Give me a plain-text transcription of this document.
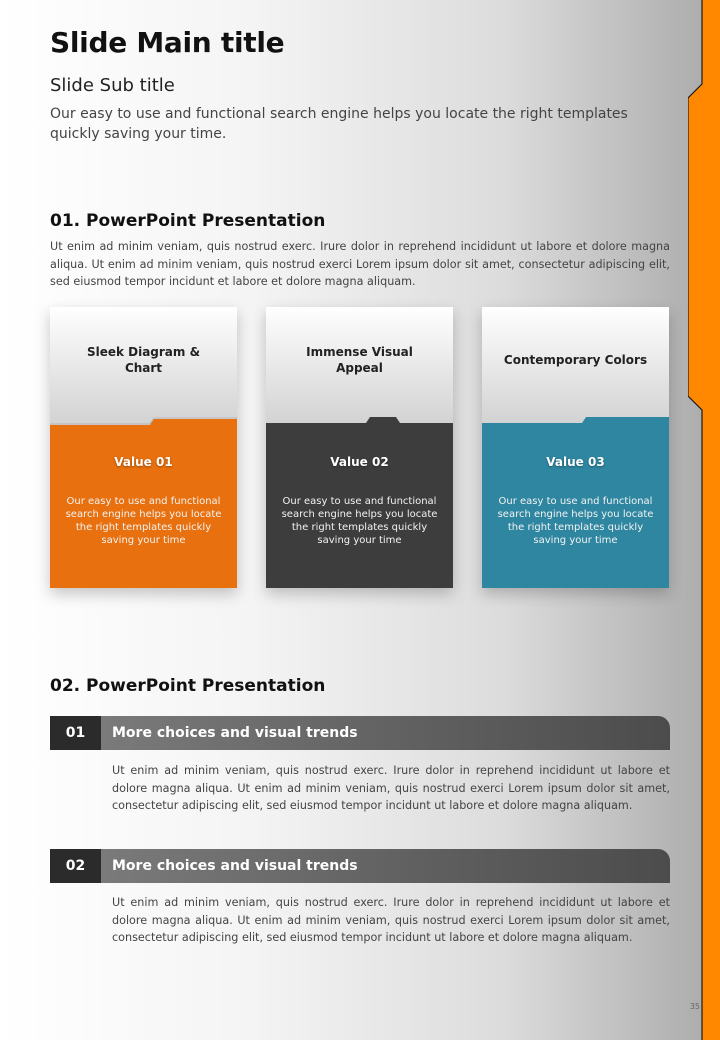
Slide Main title
Slide Sub title
Our easy to use and functional search engine helps you locate the right templates quickly saving your time.
01. PowerPoint Presentation
Ut enim ad minim veniam, quis nostrud exerc. Irure dolor in reprehend incididunt ut labore et dolore magna aliqua. Ut enim ad minim veniam, quis nostrud exerci Lorem ipsum dolor sit amet, consectetur adipiscing elit, sed eiusmod tempor incidunt et labore et dolore magna aliquam.
Sleek Diagram & Chart
Value 01
Our easy to use and functional search engine helps you locate the right templates quickly saving your time
Immense Visual Appeal
Value 02
Our easy to use and functional search engine helps you locate the right templates quickly saving your time
Contemporary Colors
Value 03
Our easy to use and functional search engine helps you locate the right templates quickly saving your time
02. PowerPoint Presentation
01	More choices and visual trends
Ut enim ad minim veniam, quis nostrud exerc. Irure dolor in reprehend incididunt ut labore et dolore magna aliqua. Ut enim ad minim veniam, quis nostrud exerci Lorem ipsum dolor sit amet, consectetur adipiscing elit, sed eiusmod tempor incidunt ut labore et dolore magna aliquam.
02	More choices and visual trends
Ut enim ad minim veniam, quis nostrud exerc. Irure dolor in reprehend incididunt ut labore et dolore magna aliqua. Ut enim ad minim veniam, quis nostrud exerci Lorem ipsum dolor sit amet, consectetur adipiscing elit, sed eiusmod tempor incidunt ut labore et dolore magna aliquam.
35
